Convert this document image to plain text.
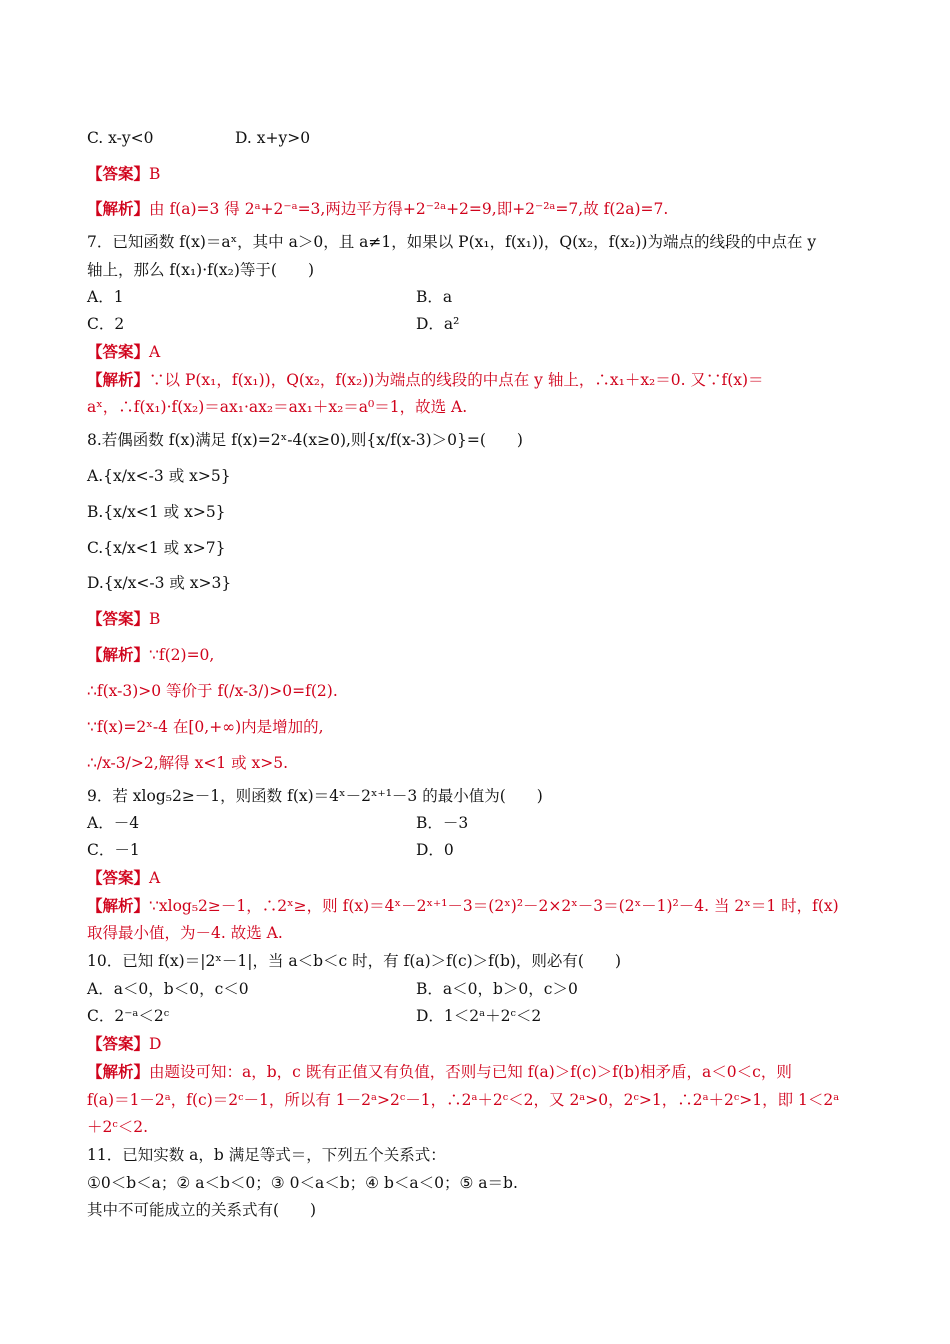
C. x-y<0	D. x+y>0
【答案】B
【解析】由 f(a)=3 得 2ᵃ+2⁻ᵃ=3,两边平方得+2⁻²ᵃ+2=9,即+2⁻²ᵃ=7,故 f(2a)=7.
7．已知函数 f(x)＝aˣ，其中 a＞0，且 a≠1，如果以 P(x₁，f(x₁))，Q(x₂，f(x₂))为端点的线段的中点在 y
轴上，那么 f(x₁)·f(x₂)等于(　　)
A．1	B．a
C．2	D．a²
【答案】A
【解析】∵以 P(x₁，f(x₁))，Q(x₂，f(x₂))为端点的线段的中点在 y 轴上，∴x₁＋x₂＝0. 又∵f(x)＝
aˣ，∴f(x₁)·f(x₂)＝ax₁·ax₂＝ax₁＋x₂＝a⁰＝1，故选 A.
8.若偶函数 f(x)满足 f(x)=2ˣ-4(x≥0),则{x/f(x-3)＞0}=(　　)
A.{x/x<-3 或 x>5}
B.{x/x<1 或 x>5}
C.{x/x<1 或 x>7}
D.{x/x<-3 或 x>3}
【答案】B
【解析】∵f(2)=0,
∴f(x-3)>0 等价于 f(/x-3/)>0=f(2).
∵f(x)=2ˣ-4 在[0,+∞)内是增加的,
∴/x-3/>2,解得 x<1 或 x>5.
9．若 xlog₅2≥－1，则函数 f(x)＝4ˣ－2ˣ⁺¹－3 的最小值为(　　)
A．－4	B．－3
C．－1	D．0
【答案】A
【解析】∵xlog₅2≥－1，∴2ˣ≥，则 f(x)＝4ˣ－2ˣ⁺¹－3＝(2ˣ)²－2×2ˣ－3＝(2ˣ－1)²－4. 当 2ˣ＝1 时，f(x)
取得最小值，为－4. 故选 A.
10．已知 f(x)＝|2ˣ－1|，当 a＜b＜c 时，有 f(a)＞f(c)＞f(b)，则必有(　　)
A．a＜0，b＜0，c＜0	B．a＜0，b＞0，c＞0
C．2⁻ᵃ＜2ᶜ	D．1＜2ᵃ＋2ᶜ＜2
【答案】D
【解析】由题设可知：a，b，c 既有正值又有负值，否则与已知 f(a)＞f(c)＞f(b)相矛盾，a＜0＜c，则
f(a)＝1－2ᵃ，f(c)＝2ᶜ－1，所以有 1－2ᵃ>2ᶜ－1，∴2ᵃ＋2ᶜ＜2，又 2ᵃ>0，2ᶜ>1，∴2ᵃ＋2ᶜ>1，即 1＜2ᵃ
＋2ᶜ＜2.
11．已知实数 a，b 满足等式＝，下列五个关系式：
①0＜b＜a；② a＜b＜0；③ 0＜a＜b；④ b＜a＜0；⑤ a＝b.
其中不可能成立的关系式有(　　)
